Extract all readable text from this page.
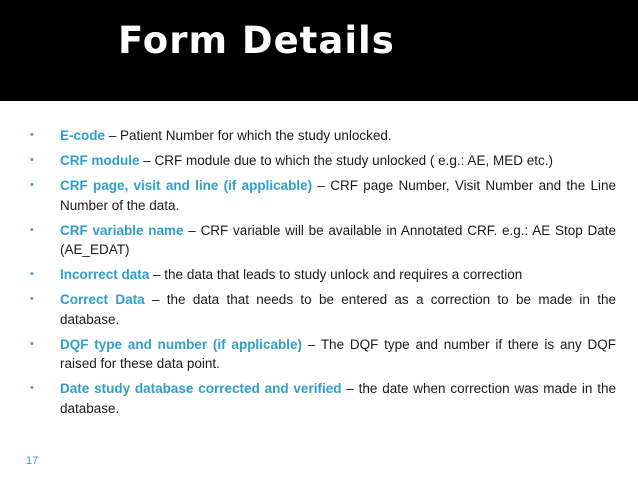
Form Details
• E-code – Patient Number for which the study unlocked.
• CRF module – CRF module due to which the study unlocked ( e.g.: AE, MED etc.)
• CRF page, visit and line (if applicable) – CRF page Number, Visit Number and the Line Number of the data.
• CRF variable name – CRF variable will be available in Annotated CRF. e.g.: AE Stop Date (AE_EDAT)
• Incorrect data – the data that leads to study unlock and requires a correction
• Correct Data – the data that needs to be entered as a correction to be made in the database.
• DQF type and number (if applicable) – The DQF type and number if there is any DQF raised for these data point.
• Date study database corrected and verified – the date when correction was made in the database.
17
